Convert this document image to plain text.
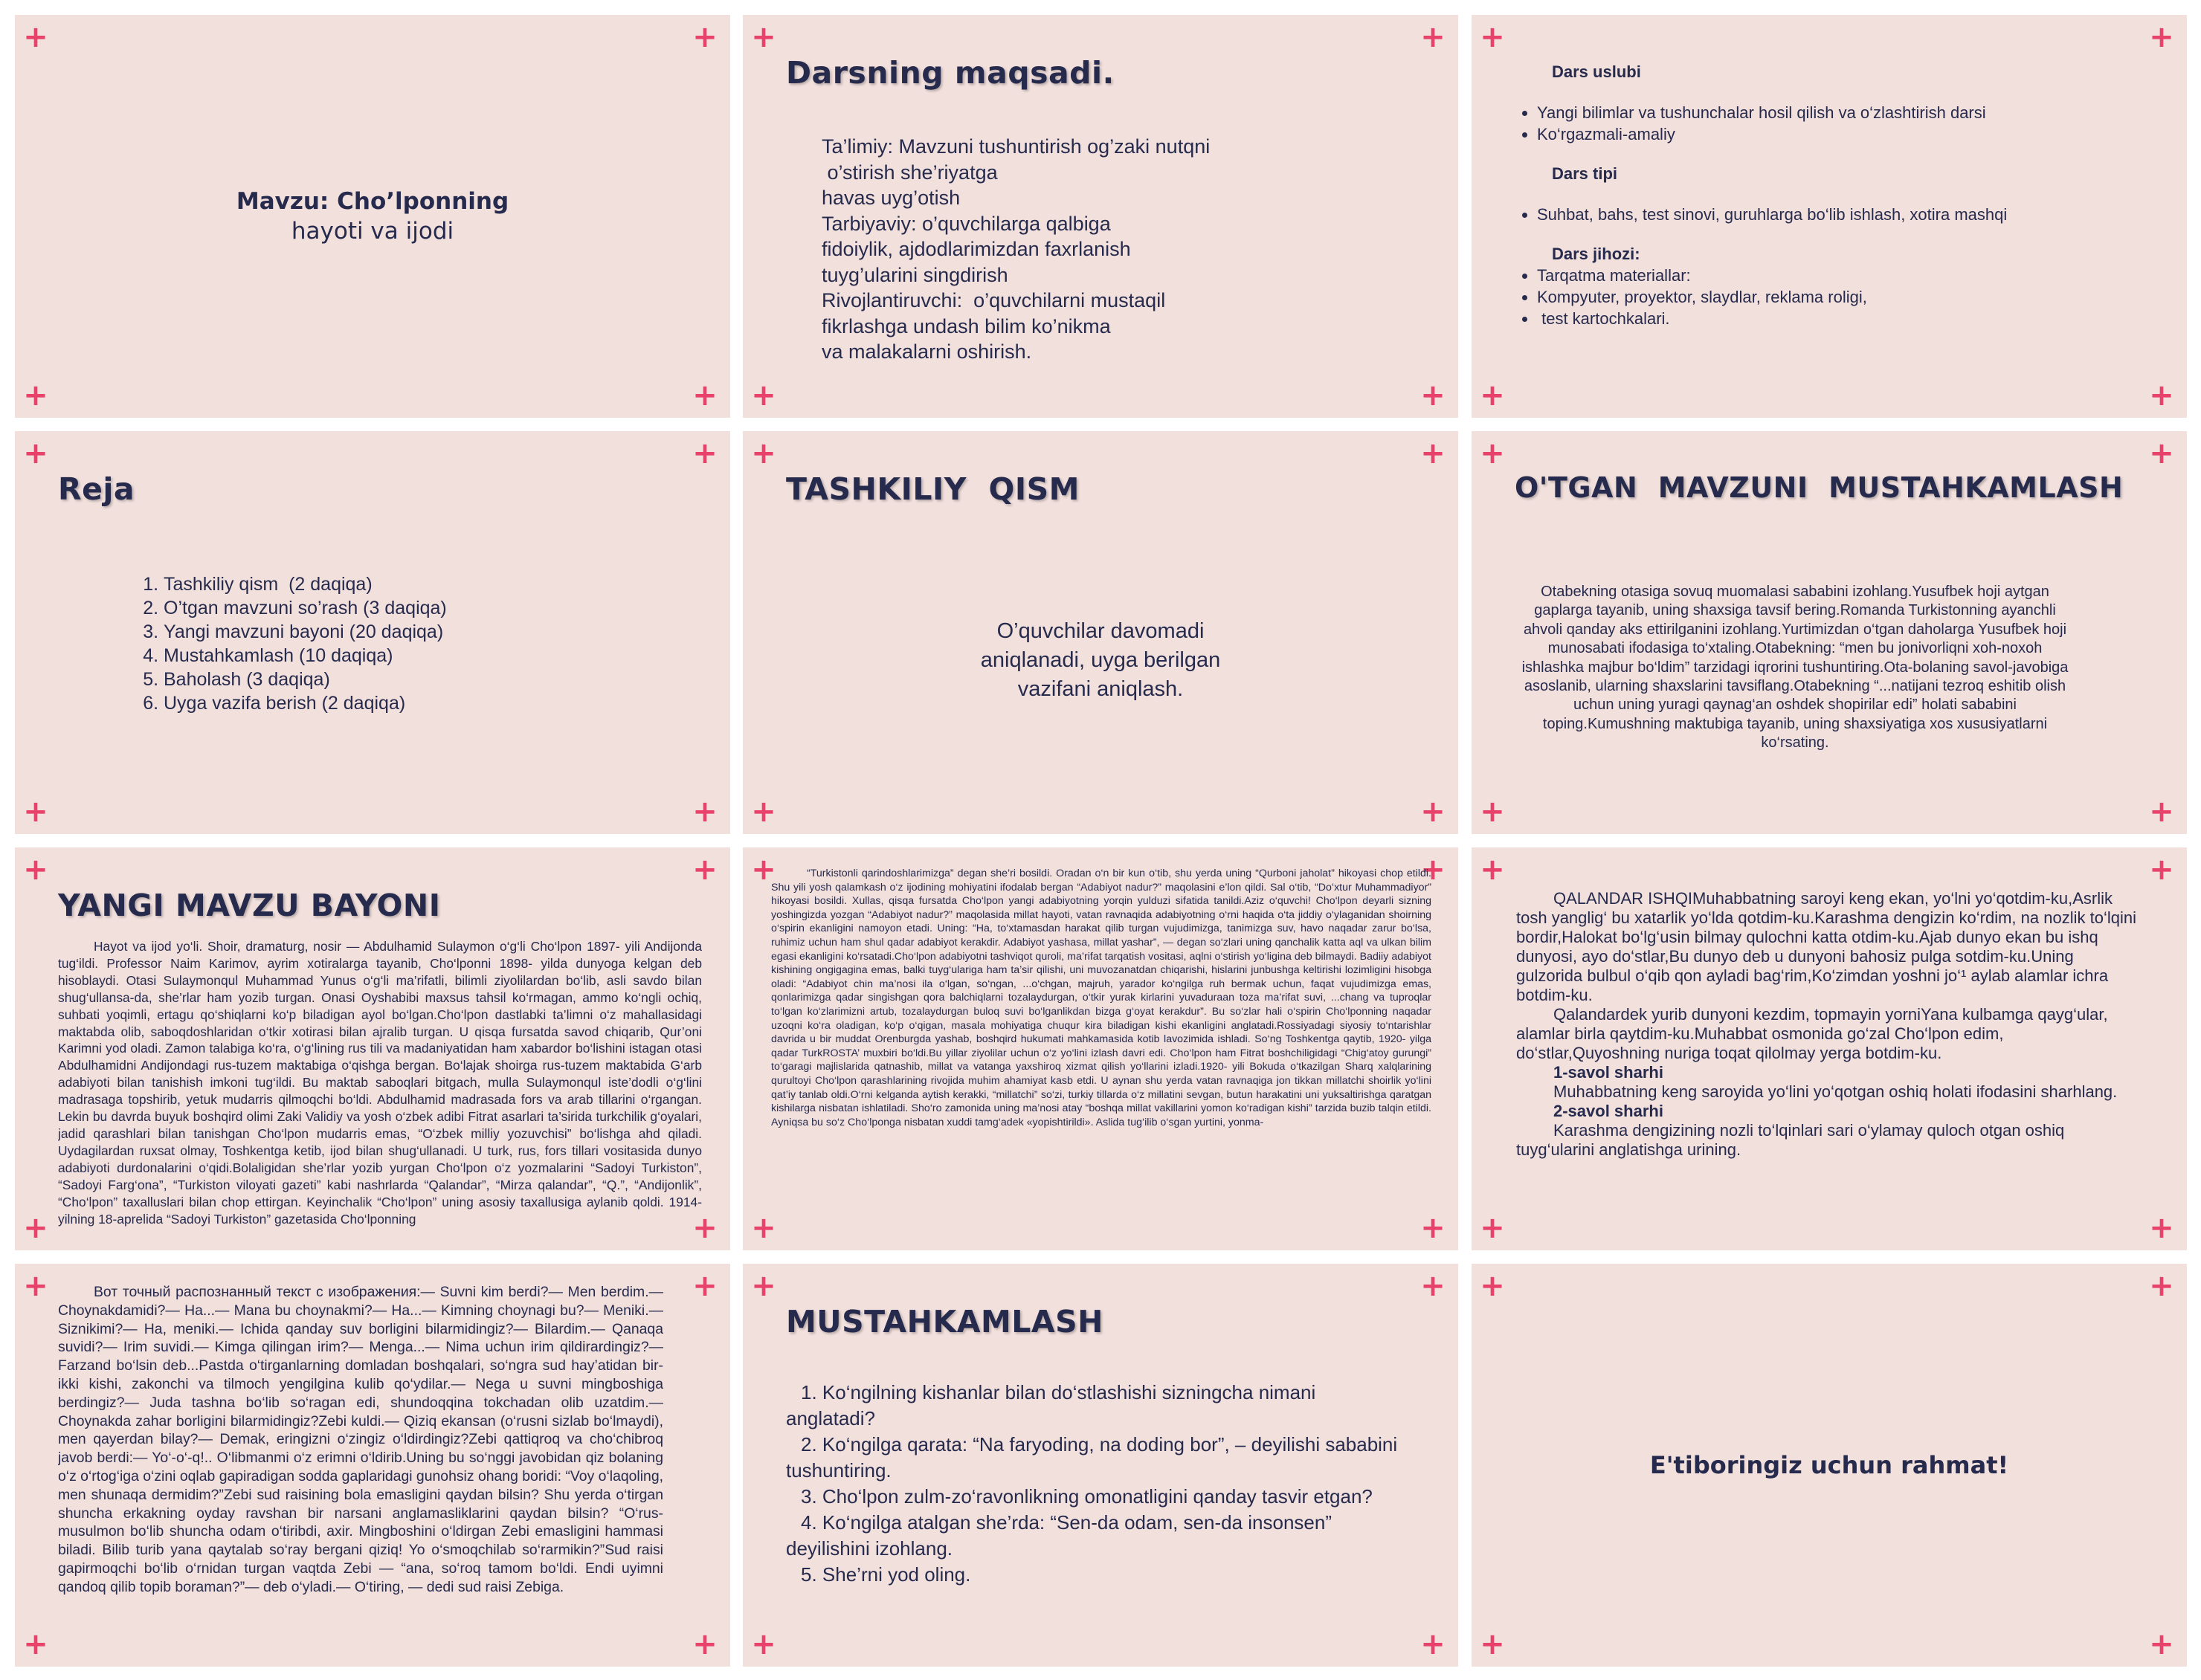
+	+
+	+
Mavzu: Cho’lponning
hayoti va ijodi
+	+
+	+
Darsning maqsadi.
Ta’limiy: Mavzuni tushuntirish og’zaki nutqni
o’stirish she’riyatga
havas uyg’otish
Tarbiyaviy: o’quvchilarga qalbiga
fidoiylik, ajdodlarimizdan faxrlanish
tuyg’ularini singdirish
Rivojlantiruvchi:  o’quvchilarni mustaqil
fikrlashga undash bilim ko’nikma
va malakalarni oshirish.
+	+
+	+
Dars uslubi
• Yangi bilimlar va tushunchalar hosil qilish va o‘zlashtirish darsi
• Ko‘rgazmali-amaliy
Dars tipi
• Suhbat, bahs, test sinovi, guruhlarga bo‘lib ishlash, xotira mashqi
Dars jihozi:
• Tarqatma materiallar:
• Kompyuter, proyektor, slaydlar, reklama roligi,
•  test kartochkalari.
+	+
+	+
Reja
1. Tashkiliy qism  (2 daqiqa)
2. O’tgan mavzuni so’rash (3 daqiqa)
3. Yangi mavzuni bayoni (20 daqiqa)
4. Mustahkamlash (10 daqiqa)
5. Baholash (3 daqiqa)
6. Uyga vazifa berish (2 daqiqa)
+	+
+	+
TASHKILIY  QISM
O’quvchilar davomadi
aniqlanadi, uyga berilgan
vazifani aniqlash.
+	+
+	+
O'TGAN  MAVZUNI  MUSTAHKAMLASH
Otabekning otasiga sovuq muomalasi sababini izohlang.Yusufbek hoji aytgan gaplarga tayanib, uning shaxsiga tavsif bering.Romanda Turkistonning ayanchli ahvoli qanday aks ettirilganini izohlang.Yurtimizdan o‘tgan daholarga Yusufbek hoji munosabati ifodasiga to‘xtaling.Otabekning: “men bu jonivorliqni xoh-noxoh ishlashka majbur bo‘ldim” tarzidagi iqrorini tushuntiring.Ota-bolaning savol-javobiga asoslanib, ularning shaxslarini tavsiflang.Otabekning “...natijani tezroq eshitib olish uchun uning yuragi qaynag‘an oshdek shopirilar edi” holati sababini toping.Kumushning maktubiga tayanib, uning shaxsiyatiga xos xususiyatlarni ko‘rsating.
+	+
+	+
YANGI MAVZU BAYONI
Hayot va ijod yo‘li. Shoir, dramaturg, nosir — Abdulhamid Sulaymon o‘g‘li Cho‘lpon 1897- yili Andijonda tug‘ildi. Professor Naim Karimov, ayrim xotiralarga tayanib, Cho‘lponni 1898- yilda dunyoga kelgan deb hisoblaydi. Otasi Sulaymonqul Muhammad Yunus o‘g‘li ma’rifatli, bilimli ziyolilardan bo‘lib, asli savdo bilan shug‘ullansa-da, she’rlar ham yozib turgan. Onasi Oyshabibi maxsus tahsil ko‘rmagan, ammo ko‘ngli ochiq, suhbati yoqimli, ertagu qo‘shiqlarni ko‘p biladigan ayol bo‘lgan.Cho‘lpon dastlabki ta’limni o‘z mahallasidagi maktabda olib, saboqdoshlaridan o‘tkir xotirasi bilan ajralib turgan. U qisqa fursatda savod chiqarib, Qur’oni Karimni yod oladi. Zamon talabiga ko‘ra, o‘g‘lining rus tili va madaniyatidan ham xabardor bo‘lishini istagan otasi Abdulhamidni Andijondagi rus-tuzem maktabiga o‘qishga bergan. Bo‘lajak shoirga rus-tuzem maktabida G‘arb adabiyoti bilan tanishish imkoni tug‘ildi. Bu maktab saboqlari bitgach, mulla Sulaymonqul iste’dodli o‘g‘lini madrasaga topshirib, yetuk mudarris qilmoqchi bo‘ldi. Abdulhamid madrasada fors va arab tillarini o‘rgangan. Lekin bu davrda buyuk boshqird olimi Zaki Validiy va yosh o‘zbek adibi Fitrat asarlari ta’sirida turkchilik g‘oyalari, jadid qarashlari bilan tanishgan Cho‘lpon mudarris emas, “O‘zbek milliy yozuvchisi” bo‘lishga ahd qiladi. Uydagilardan ruxsat olmay, Toshkentga ketib, ijod bilan shug‘ullanadi. U turk, rus, fors tillari vositasida dunyo adabiyoti durdonalarini o‘qidi.Bolaligidan she’rlar yozib yurgan Cho‘lpon o‘z yozmalarini “Sadoyi Turkiston”, “Sadoyi Farg‘ona”, “Turkiston viloyati gazeti” kabi nashrlarda “Qalandar”, “Mirza qalandar”, “Q.”, “Andijonlik”, “Cho‘lpon” taxalluslari bilan chop ettirgan. Keyinchalik “Cho‘lpon” uning asosiy taxallusiga aylanib qoldi. 1914- yilning 18-aprelida “Sadoyi Turkiston” gazetasida Cho‘lponning
+	+
+	+
“Turkistonli qarindoshlarimizga” degan she’ri bosildi. Oradan o‘n bir kun o‘tib, shu yerda uning “Qurboni jaholat” hikoyasi chop etildi. Shu yili yosh qalamkash o‘z ijodining mohiyatini ifodalab bergan “Adabiyot nadur?” maqolasini e’lon qildi. Sal o‘tib, “Do‘xtur Muhammadiyor” hikoyasi bosildi. Xullas, qisqa fursatda Cho‘lpon yangi adabiyotning yorqin yulduzi sifatida tanildi.Aziz o‘quvchi! Cho‘lpon deyarli sizning yoshingizda yozgan “Adabiyot nadur?” maqolasida millat hayoti, vatan ravnaqida adabiyotning o‘rni haqida o‘ta jiddiy o‘ylaganidan shoirning o‘spirin ekanligini namoyon etadi. Uning: “Ha, to‘xtamasdan harakat qilib turgan vujudimizga, tanimizga suv, havo naqadar zarur bo‘lsa, ruhimiz uchun ham shul qadar adabiyot kerakdir. Adabiyot yashasa, millat yashar”, — degan so‘zlari uning qanchalik katta aql va ulkan bilim egasi ekanligini ko‘rsatadi.Cho‘lpon adabiyotni tashviqot quroli, ma’rifat tarqatish vositasi, aqlni o‘stirish yo‘ligina deb bilmaydi. Badiiy adabiyot kishining ongigagina emas, balki tuyg‘ulariga ham ta’sir qilishi, uni muvozanatdan chiqarishi, hislarini junbushga keltirishi lozimligini hisobga oladi: “Adabiyot chin ma’nosi ila o‘lgan, so‘ngan, ...o‘chgan, majruh, yarador ko‘ngilga ruh bermak uchun, faqat vujudimizga emas, qonlarimizga qadar singishgan qora balchiqlarni tozalaydurgan, o‘tkir yurak kirlarini yuvaduraan toza ma’rifat suvi, ...chang va tuproqlar to‘lgan ko‘zlarimizni artub, tozalaydurgan buloq suvi bo‘lganlikdan bizga g‘oyat kerakdur”. Bu so‘zlar hali o‘spirin Cho‘lponning naqadar uzoqni ko‘ra oladigan, ko‘p o‘qigan, masala mohiyatiga chuqur kira biladigan kishi ekanligini anglatadi.Rossiyadagi siyosiy to‘ntarishlar davrida u bir muddat Orenburgda yashab, boshqird hukumati mahkamasida kotib lavozimida ishladi. So‘ng Toshkentga qaytib, 1920- yilga qadar TurkROSTA’ muxbiri bo‘ldi.Bu yillar ziyolilar uchun o‘z yo‘lini izlash davri edi. Cho‘lpon ham Fitrat boshchiligidagi “Chig‘atoy gurungi” to‘garagi majlislarida qatnashib, millat va vatanga yaxshiroq xizmat qilish yo‘llarini izladi.1920- yili Bokuda o‘tkazilgan Sharq xalqlarining qurultoyi Cho‘lpon qarashlarining rivojida muhim ahamiyat kasb etdi. U aynan shu yerda vatan ravnaqiga jon tikkan millatchi shoirlik yo‘lini qat’iy tanlab oldi.O‘rni kelganda aytish kerakki, “millatchi” so‘zi, turkiy tillarda o‘z millatini sevgan, butun harakatini uni yuksaltirishga qaratgan kishilarga nisbatan ishlatiladi. Sho‘ro zamonida uning ma’nosi atay “boshqa millat vakillarini yomon ko‘radigan kishi” tarzida buzib talqin etildi. Ayniqsa bu so‘z Cho‘lponga nisbatan xuddi tamg‘adek «yopishtirildi». Aslida tug‘ilib o‘sgan yurtini, yonma-
+	+
+	+

QALANDAR ISHQIMuhabbatning saroyi keng ekan, yo‘lni yo‘qotdim-ku,Asrlik tosh yanglig‘ bu xatarlik yo‘lda qotdim-ku.Karashma dengizin ko‘rdim, na nozlik to‘lqini bordir,Halokat bo‘lg‘usin bilmay qulochni katta otdim-ku.Ajab dunyo ekan bu ishq dunyosi, ayo do‘stlar,Bu dunyo deb u dunyoni bahosiz pulga sotdim-ku.Uning gulzorida bulbul o‘qib qon ayladi bag‘rim,Ko‘zimdan yoshni jo‘¹ aylab alamlar ichra botdim-ku.

Qalandardek yurib dunyoni kezdim, topmayin yorniYana kulbamga qayg‘ular, alamlar birla qaytdim-ku.Muhabbat osmonida go‘zal Cho‘lpon edim, do‘stlar,Quyoshning nuriga toqat qilolmay yerga botdim-ku.

1-savol sharhi

Muhabbatning keng saroyida yo‘lini yo‘qotgan oshiq holati ifodasini sharhlang.

2-savol sharhi

Karashma dengizining nozli to‘lqinlari sari o‘ylamay quloch otgan oshiq tuyg‘ularini anglatishga urining.

+	+
+	+
Вот точный распознанный текст с изображения:— Suvni kim berdi?— Men berdim.— Choynakdamidi?— Ha...— Mana bu choynakmi?— Ha...— Kimning choynagi bu?— Meniki.— Siznikimi?— Ha, meniki.— Ichida qanday suv borligini bilarmidingiz?— Bilardim.— Qanaqa suvidi?— Irim suvidi.— Kimga qilingan irim?— Menga...— Nima uchun irim qildirardingiz?— Farzand bo‘lsin deb...Pastda o‘tirganlarning domladan boshqalari, so‘ngra sud hay’atidan bir-ikki kishi, zakonchi va tilmoch yengilgina kulib qo‘ydilar.— Nega u suvni mingboshiga berdingiz?— Juda tashna bo‘lib so‘ragan edi, shundoqqina tokchadan olib uzatdim.— Choynakda zahar borligini bilarmidingiz?Zebi kuldi.— Qiziq ekansan (o‘rusni sizlab bo‘lmaydi), men qayerdan bilay?— Demak, eringizni o‘zingiz o‘ldirdingiz?Zebi qattiqroq va cho‘chibroq javob berdi:— Yo‘-o‘-q!.. O‘libmanmi o‘z erimni o‘ldirib.Uning bu so‘nggi javobidan qiz bolaning o‘z o‘rtog‘iga o‘zini oqlab gapiradigan sodda gaplaridagi gunohsiz ohang boridi: “Voy o‘laqoling, men shunaqa dermidim?”Zebi sud raisining bola emasligini qaydan bilsin? Shu yerda o‘tirgan shuncha erkakning oyday ravshan bir narsani anglamasliklarini qaydan bilsin? “O‘rus-musulmon bo‘lib shuncha odam o‘tiribdi, axir. Mingboshini o‘ldirgan Zebi emasligini hammasi biladi. Bilib turib yana qaytalab so‘ray bergani qiziq! Yo o‘smoqchilab so‘rarmikin?”Sud raisi gapirmoqchi bo‘lib o‘rnidan turgan vaqtda Zebi — “ana, so‘roq tamom bo‘ldi. Endi uyimni qandoq qilib topib boraman?”— deb o‘yladi.— O‘tiring, — dedi sud raisi Zebiga.
+	+
+	+
MUSTAHKAMLASH

1. Ko‘ngilning kishanlar bilan do‘stlashishi sizningcha nimani anglatadi?

2. Ko‘ngilga qarata: “Na faryoding, na doding bor”, – deyilishi sababini tushuntiring.

3. Cho‘lpon zulm-zo‘ravonlikning omonatligini qanday tasvir etgan?

4. Ko‘ngilga atalgan she’rda: “Sen-da odam, sen-da insonsen” deyilishini izohlang.

5. She’rni yod oling.

+	+
+	+
E'tiboringiz uchun rahmat!
